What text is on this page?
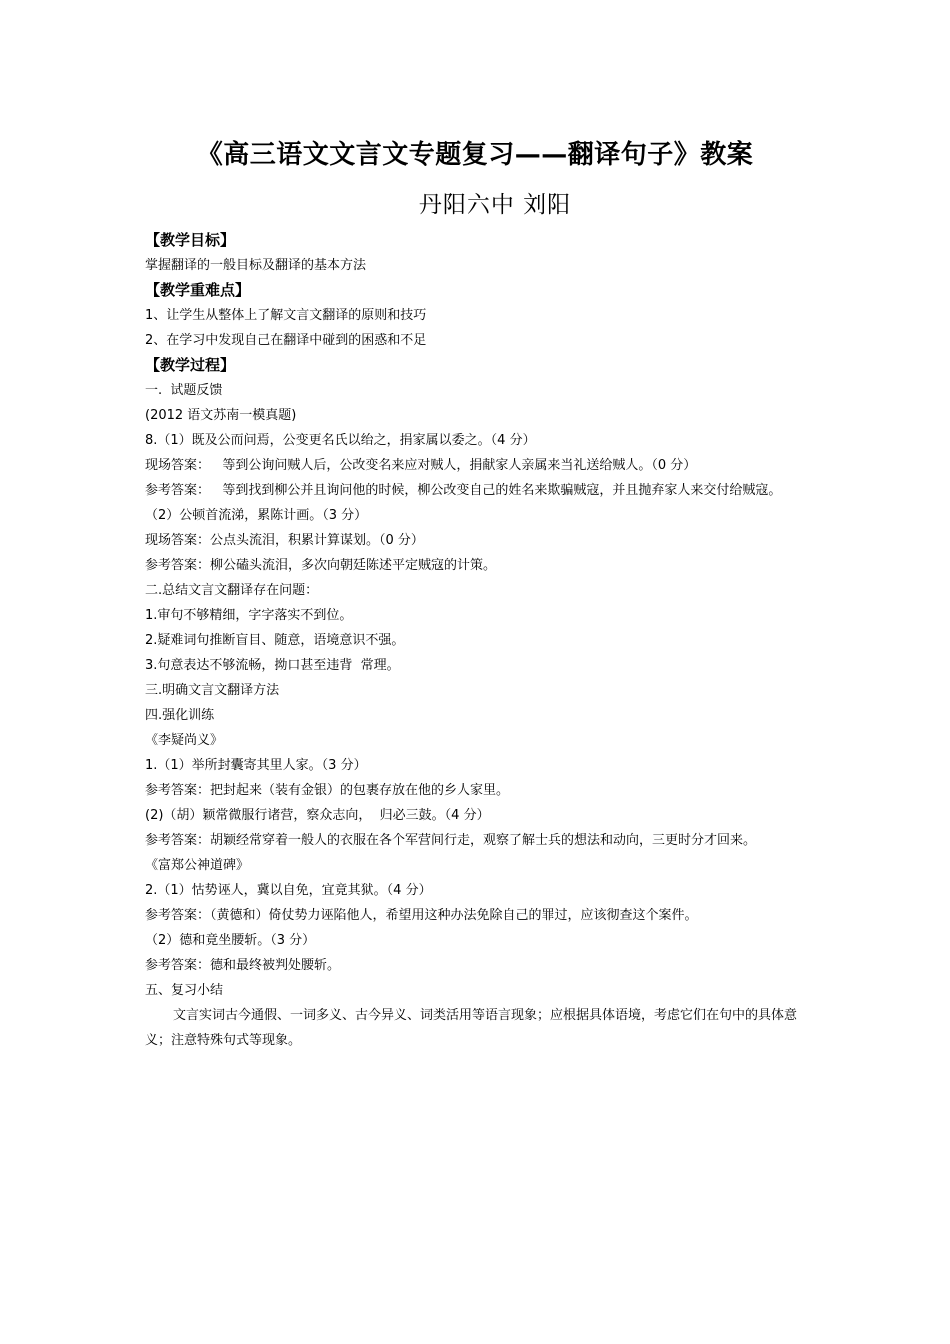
《高三语文文言文专题复习——翻译句子》教案
丹阳六中 刘阳
【教学目标】
掌握翻译的一般目标及翻译的基本方法
【教学重难点】
1、让学生从整体上了解文言文翻译的原则和技巧
2、在学习中发现自己在翻译中碰到的困惑和不足
【教学过程】
一.  试题反馈
(2012 语文苏南一模真题)
8.（1）既及公而问焉，公变更名氏以绐之，捐家属以委之。（4 分）
现场答案：   等到公询问贼人后，公改变名来应对贼人，捐献家人亲属来当礼送给贼人。（0 分）
参考答案：   等到找到柳公并且询问他的时候，柳公改变自己的姓名来欺骗贼寇，并且抛弃家人来交付给贼寇。
（2）公顿首流涕，累陈计画。（3 分）
现场答案：公点头流泪，积累计算谋划。（0 分）
参考答案：柳公磕头流泪，多次向朝廷陈述平定贼寇的计策。
二.总结文言文翻译存在问题：
1.审句不够精细，字字落实不到位。
2.疑难词句推断盲目、随意，语境意识不强。
3.句意表达不够流畅，拗口甚至违背  常理。
三.明确文言文翻译方法
四.强化训练
《李疑尚义》
1.（1）举所封囊寄其里人家。（3 分）
参考答案：把封起来（装有金银）的包裹存放在他的乡人家里。
(2)（胡）颖常微服行诸营，察众志向，  归必三鼓。（4 分）
参考答案：胡颖经常穿着一般人的衣服在各个军营间行走，观察了解士兵的想法和动向，三更时分才回来。
《富郑公神道碑》
2.（1）怙势诬人，冀以自免，宜竟其狱。（4 分）
参考答案：（黄德和）倚仗势力诬陷他人，希望用这种办法免除自己的罪过，应该彻查这个案件。
（2）德和竟坐腰斩。（3 分）
参考答案：德和最终被判处腰斩。
五、复习小结
文言实词古今通假、一词多义、古今异义、词类活用等语言现象；应根据具体语境，考虑它们在句中的具体意义；注意特殊句式等现象。
